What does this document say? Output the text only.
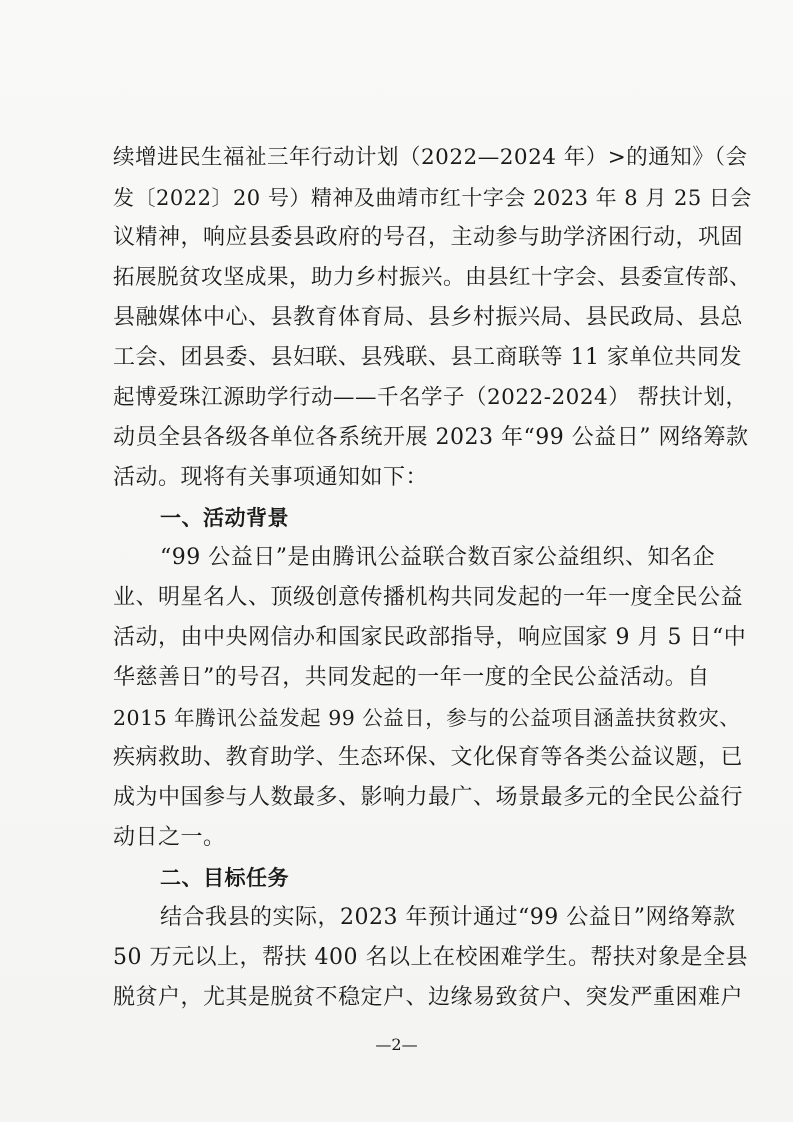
续增进民生福祉三年行动计划（2022—2024 年）>的通知》（会
发〔2022〕20 号）精神及曲靖市红十字会 2023 年 8 月 25 日会
议精神，响应县委县政府的号召，主动参与助学济困行动，巩固
拓展脱贫攻坚成果，助力乡村振兴。由县红十字会、县委宣传部、
县融媒体中心、县教育体育局、县乡村振兴局、县民政局、县总
工会、团县委、县妇联、县残联、县工商联等 11 家单位共同发
起博爱珠江源助学行动——千名学子（2022-2024） 帮扶计划，
动员全县各级各单位各系统开展 2023 年“99 公益日” 网络筹款
活动。现将有关事项通知如下：
一、活动背景
“99 公益日”是由腾讯公益联合数百家公益组织、知名企
业、明星名人、顶级创意传播机构共同发起的一年一度全民公益
活动，由中央网信办和国家民政部指导，响应国家 9 月 5 日“中
华慈善日”的号召，共同发起的一年一度的全民公益活动。自
2015 年腾讯公益发起 99 公益日，参与的公益项目涵盖扶贫救灾、
疾病救助、教育助学、生态环保、文化保育等各类公益议题，已
成为中国参与人数最多、影响力最广、场景最多元的全民公益行
动日之一。
二、目标任务
结合我县的实际，2023 年预计通过“99 公益日”网络筹款
50 万元以上，帮扶 400 名以上在校困难学生。帮扶对象是全县
脱贫户，尤其是脱贫不稳定户、边缘易致贫户、突发严重困难户
—2—
